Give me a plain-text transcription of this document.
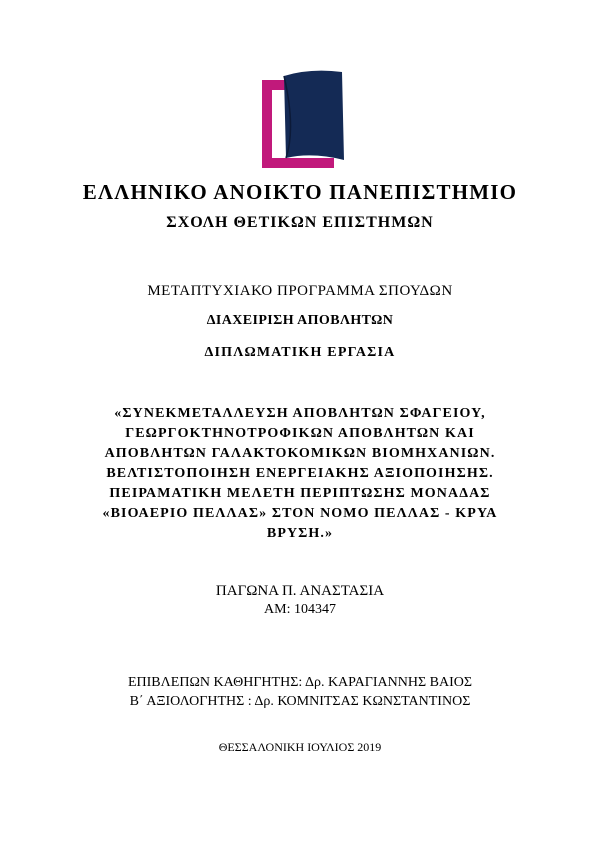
ΕΛΛΗΝΙΚΟ ΑΝΟΙΚΤΟ ΠΑΝΕΠΙΣΤΗΜΙΟ
ΣΧΟΛΗ ΘΕΤΙΚΩΝ ΕΠΙΣΤΗΜΩΝ
ΜΕΤΑΠΤΥΧΙΑΚΟ ΠΡΟΓΡΑΜΜΑ ΣΠΟΥΔΩΝ
ΔΙΑΧΕΙΡΙΣΗ ΑΠΟΒΛΗΤΩΝ
ΔΙΠΛΩΜΑΤΙΚΗ ΕΡΓΑΣΙΑ
«ΣΥΝΕΚΜΕΤΑΛΛΕΥΣΗ ΑΠΟΒΛΗΤΩΝ ΣΦΑΓΕΙΟΥ,
ΓΕΩΡΓΟΚΤΗΝΟΤΡΟΦΙΚΩΝ ΑΠΟΒΛΗΤΩΝ ΚΑΙ
ΑΠΟΒΛΗΤΩΝ ΓΑΛΑΚΤΟΚΟΜΙΚΩΝ ΒΙΟΜΗΧΑΝΙΩΝ.
ΒΕΛΤΙΣΤΟΠΟΙΗΣΗ ΕΝΕΡΓΕΙΑΚΗΣ ΑΞΙΟΠΟΙΗΣΗΣ.
ΠΕΙΡΑΜΑΤΙΚΗ ΜΕΛΕΤΗ ΠΕΡΙΠΤΩΣΗΣ ΜΟΝΑΔΑΣ
«ΒΙΟΑΕΡΙΟ ΠΕΛΛΑΣ» ΣΤΟΝ ΝΟΜΟ ΠΕΛΛΑΣ - ΚΡΥΑ
ΒΡΥΣΗ.»
ΠΑΓΩΝΑ Π. ΑΝΑΣΤΑΣΙΑ
ΑΜ: 104347
ΕΠΙΒΛΕΠΩΝ ΚΑΘΗΓΗΤΗΣ: Δρ. ΚΑΡΑΓΙΑΝΝΗΣ ΒΑΙΟΣ
Β΄ ΑΞΙΟΛΟΓΗΤΗΣ : Δρ. ΚΟΜΝΙΤΣΑΣ ΚΩΝΣΤΑΝΤΙΝΟΣ
ΘΕΣΣΑΛΟΝΙΚΗ ΙΟΥΛΙΟΣ 2019
